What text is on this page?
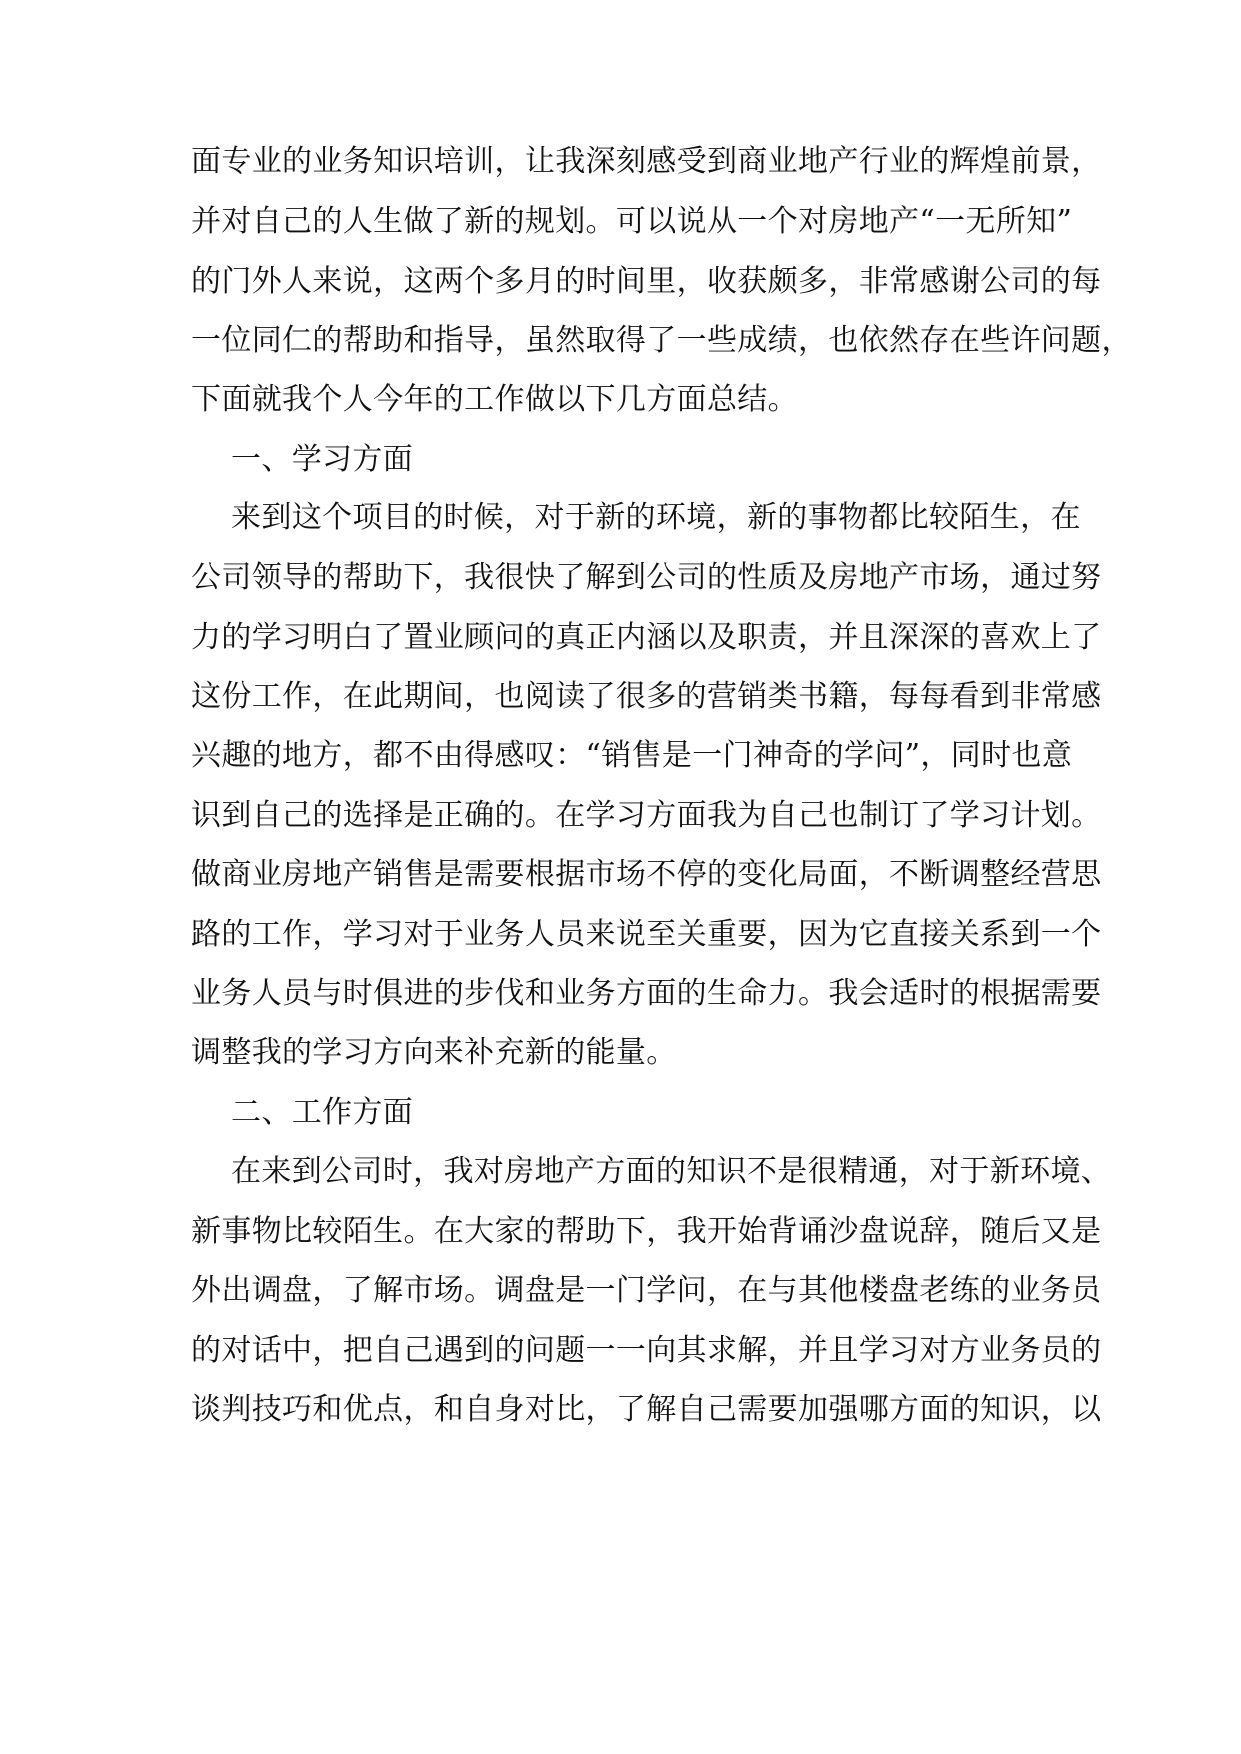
面专业的业务知识培训，让我深刻感受到商业地产行业的辉煌前景，
并对自己的人生做了新的规划。可以说从一个对房地产“一无所知”
的门外人来说，这两个多月的时间里，收获颇多，非常感谢公司的每
一位同仁的帮助和指导，虽然取得了一些成绩，也依然存在些许问题，
下面就我个人今年的工作做以下几方面总结。
一、学习方面
来到这个项目的时候，对于新的环境，新的事物都比较陌生，在
公司领导的帮助下，我很快了解到公司的性质及房地产市场，通过努
力的学习明白了置业顾问的真正内涵以及职责，并且深深的喜欢上了
这份工作，在此期间，也阅读了很多的营销类书籍，每每看到非常感
兴趣的地方，都不由得感叹：“销售是一门神奇的学问”，同时也意
识到自己的选择是正确的。在学习方面我为自己也制订了学习计划。
做商业房地产销售是需要根据市场不停的变化局面，不断调整经营思
路的工作，学习对于业务人员来说至关重要，因为它直接关系到一个
业务人员与时俱进的步伐和业务方面的生命力。我会适时的根据需要
调整我的学习方向来补充新的能量。
二、工作方面
在来到公司时，我对房地产方面的知识不是很精通，对于新环境、
新事物比较陌生。在大家的帮助下，我开始背诵沙盘说辞，随后又是
外出调盘，了解市场。调盘是一门学问，在与其他楼盘老练的业务员
的对话中，把自己遇到的问题一一向其求解，并且学习对方业务员的
谈判技巧和优点，和自身对比，了解自己需要加强哪方面的知识，以
